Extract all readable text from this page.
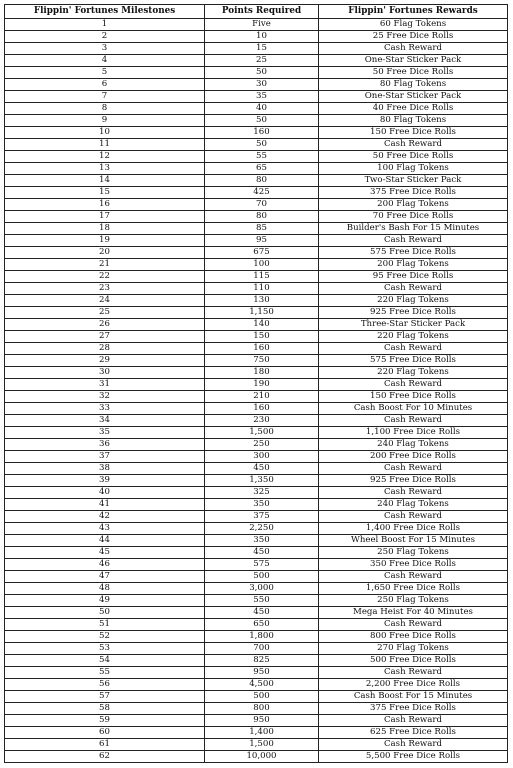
Flippin' Fortunes Milestones	Points Required	Flippin' Fortunes Rewards
1	Five	60 Flag Tokens
2	10	25 Free Dice Rolls
3	15	Cash Reward
4	25	One-Star Sticker Pack
5	50	50 Free Dice Rolls
6	30	80 Flag Tokens
7	35	One-Star Sticker Pack
8	40	40 Free Dice Rolls
9	50	80 Flag Tokens
10	160	150 Free Dice Rolls
11	50	Cash Reward
12	55	50 Free Dice Rolls
13	65	100 Flag Tokens
14	80	Two-Star Sticker Pack
15	425	375 Free Dice Rolls
16	70	200 Flag Tokens
17	80	70 Free Dice Rolls
18	85	Builder's Bash For 15 Minutes
19	95	Cash Reward
20	675	575 Free Dice Rolls
21	100	200 Flag Tokens
22	115	95 Free Dice Rolls
23	110	Cash Reward
24	130	220 Flag Tokens
25	1,150	925 Free Dice Rolls
26	140	Three-Star Sticker Pack
27	150	220 Flag Tokens
28	160	Cash Reward
29	750	575 Free Dice Rolls
30	180	220 Flag Tokens
31	190	Cash Reward
32	210	150 Free Dice Rolls
33	160	Cash Boost For 10 Minutes
34	230	Cash Reward
35	1,500	1,100 Free Dice Rolls
36	250	240 Flag Tokens
37	300	200 Free Dice Rolls
38	450	Cash Reward
39	1,350	925 Free Dice Rolls
40	325	Cash Reward
41	350	240 Flag Tokens
42	375	Cash Reward
43	2,250	1,400 Free Dice Rolls
44	350	Wheel Boost For 15 Minutes
45	450	250 Flag Tokens
46	575	350 Free Dice Rolls
47	500	Cash Reward
48	3,000	1,650 Free Dice Rolls
49	550	250 Flag Tokens
50	450	Mega Heist For 40 Minutes
51	650	Cash Reward
52	1,800	800 Free Dice Rolls
53	700	270 Flag Tokens
54	825	500 Free Dice Rolls
55	950	Cash Reward
56	4,500	2,200 Free Dice Rolls
57	500	Cash Boost For 15 Minutes
58	800	375 Free Dice Rolls
59	950	Cash Reward
60	1,400	625 Free Dice Rolls
61	1,500	Cash Reward
62	10,000	5,500 Free Dice Rolls
